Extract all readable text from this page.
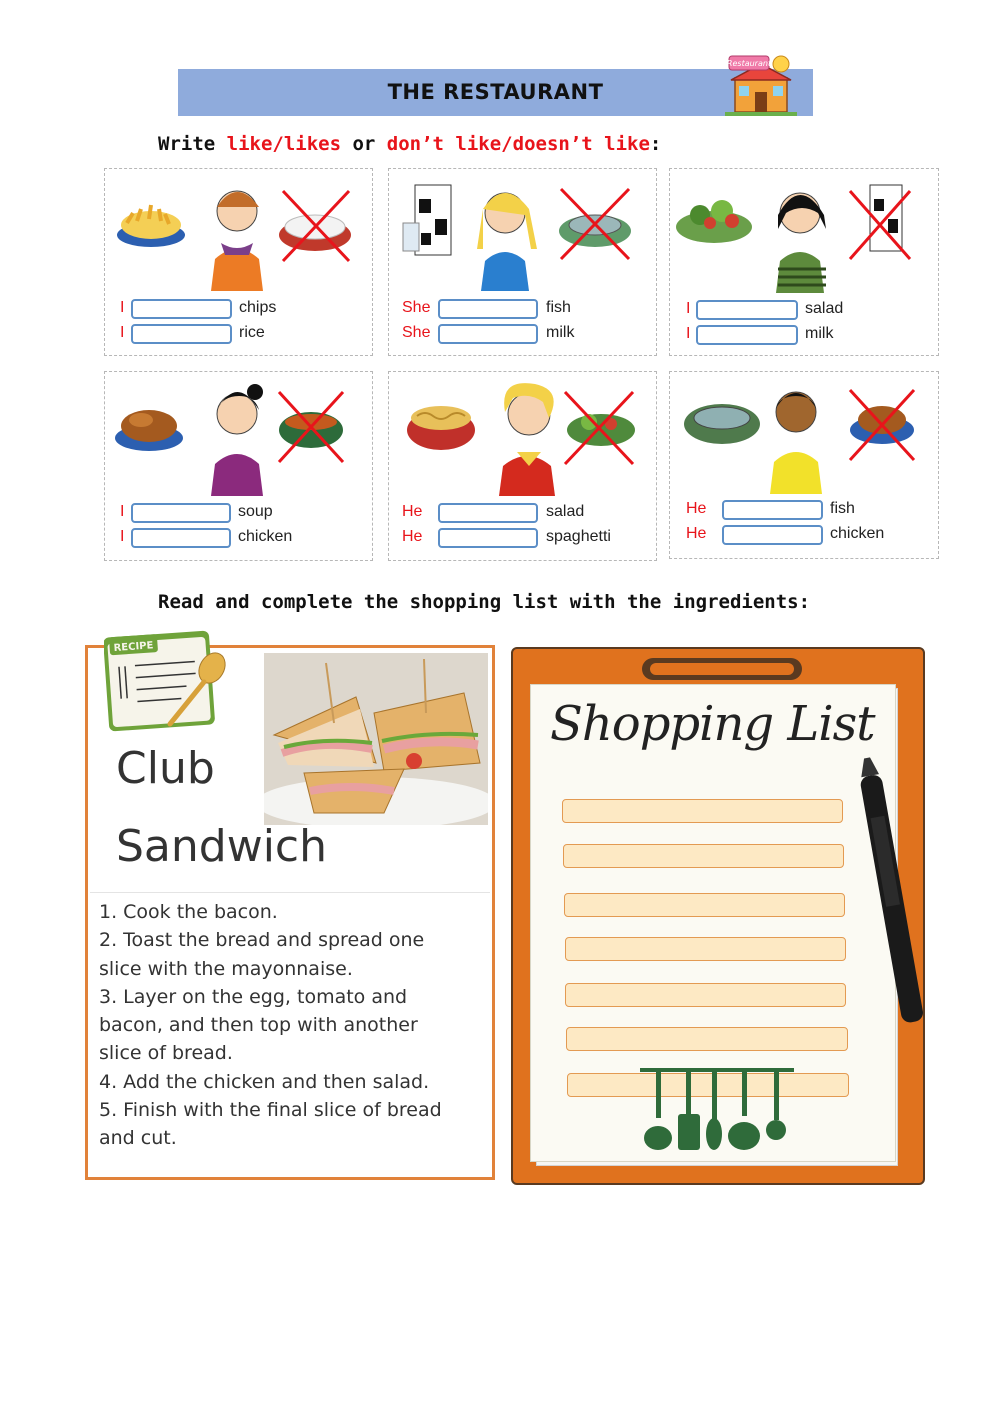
THE RESTAURANT
Restaurant
Write like/likes or don’t like/doesn’t like:
I	chips
I	rice
She	fish
She	milk
I	salad
I	milk
I	soup
I	chicken
He	salad
He	spaghetti
He	fish
He	chicken
Read and complete the shopping list with the ingredients:
RECIPE
Club
Sandwich
1. Cook the bacon.
2. Toast the bread and spread one
slice with the mayonnaise.
3. Layer on the egg, tomato and
bacon, and then top with another
slice of bread.
4. Add the chicken and then salad.
5. Finish with the final slice of bread
and cut.
Shopping List
